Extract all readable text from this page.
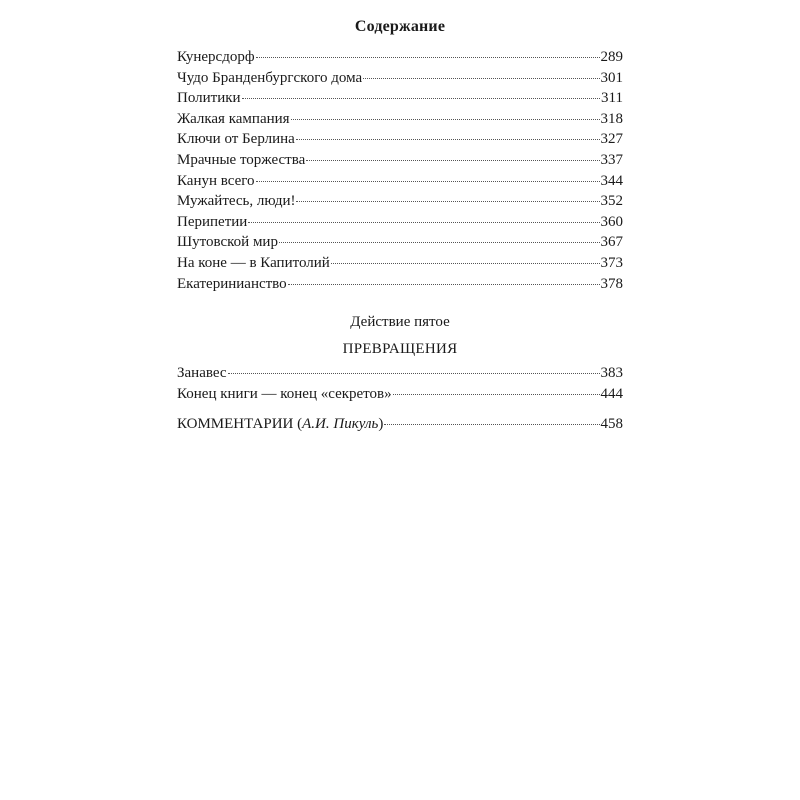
Содержание
Кунерсдорф	289
Чудо Бранденбургского дома	301
Политики	311
Жалкая кампания	318
Ключи от Берлина	327
Мрачные торжества	337
Канун всего	344
Мужайтесь, люди!	352
Перипетии	360
Шутовской мир	367
На коне — в Капитолий	373
Екатеринианство	378
Действие пятое
ПРЕВРАЩЕНИЯ
Занавес	383
Конец книги — конец «секретов»	444
КОММЕНТАРИИ (А.И. Пикуль)	458
